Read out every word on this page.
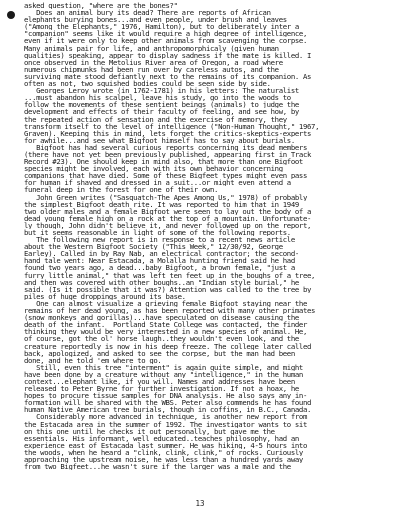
asked question, "where are the bones?"
Does an animal bury its dead? There are reports of African
elephants burying bones...and even people, under brush and leaves
("Among the Elephants," 1976, Hamilton), but to deliberately inter a
"companion" seems like it would require a high degree of intelligence,
even if it were only to keep other animals from scavenging the corpse.
Many animals pair for life, and anthropomorphicaly (given human
qualities) speaking, appear to display sadness if the mate is killed. I
once observed in the Metolius River area of Oregon, a road where
numerous chipmunks had been run over by careless autos, and the
surviving mate stood defiantly next to the remains of its companion. As
often as not, two squished bodies could be seen side by side.
Georges Leroy wrote (in 1762-1781) in his letters: The naturalist
...must abandon his scalpel, leave his study, go into the woods to
follow the movements of these sentient beings (animals) to judge the
development and effects of their faculty of feeling, and see how, by
the repeated action of sensation and the exercise of memory, they
transform itself to the level of intelligence ("Non-Human Thought," 1967,
Graven). Keeping this in mind, lets forget the critics-skeptics-experts
for awhile...and see what Bigfoot himself has to say about burials.
Bigfoot has had several curious reports concerning its dead members
(there have not yet been previously published, appearing first in Track
Record #23). One should keep in mind also, that more than one Bigfoot
species might be involved, each with its own behavior concerning
companions that have died. Some of these Bigfeet types might even pass
for human if shaved and dressed in a suit...or might even attend a
funeral deep in the forest for one of their own.
John Green writes ("Sasquatch-The Apes Among Us," 1978) of probably
the simplest Bigfoot death rite. It was reported to him that in 1949
two older males and a female Bigfoot were seen to lay out the body of a
dead young female high on a rock at the top of a mountain. Unfortunate-
ly though, John didn't believe it, and never followed up on the report,
but it seems reasonable in light of some of the following reports.
The following new report is in response to a recent news article
about the Western Bigfoot Society ("This Week," 12/30/92, George
Earley). Called in by Ray Nab, an electrical contractor; the second-
hand tale went: Near Estacada, a Molalla hunting friend said he had
found two years ago, a dead...baby Bigfoot, a brown female, "just a
furry little animal," that was left ten feet up in the boughs of a tree,
and then was covered with other boughs..an "Indian style burial," he
said. (Is it possible that it was?) Attention was called to the tree by
piles of huge droppings around its base.
One can almost visualize a grieving female Bigfoot staying near the
remains of her dead young, as has been reported with many other primates
(snow monkeys and gorillas)...have speculated on disease causing the
death of the infant.  Portland State College was contacted, the finder
thinking they would be very interested in a new species of animal. He,
of course, got the ol' horse laugh..they wouldn't even look, and the
creature reportedly is now in his deep freeze. The college later called
back, apologized, and asked to see the corpse, but the man had been
done, and he told 'em where to go.
Still, even this tree "interment" is again quite simple, and might
have been done by a creature without any "intelligence," in the human
context...elephant like, if you will. Names and addresses have been
released to Peter Byrne for further investigation. If not a hoax, he
hopes to procure tissue samples for DNA analysis. He also says any in-
formation will be shared with the WBS. Peter also commends he has found
human Native American tree burials, though in coffins, in B.C., Canada.
Considerably more advanced in technique, is another new report from
the Estacada area in the summer of 1992. The investigator wants to sit
on this one until he checks it out personally, but gave me the
essentials. His informant, well educated..teaches philosophy, had an
experience east of Estacada last summer. He was hiking, 4-5 hours into
the woods, when he heard a "clink, clink, clink," of rocks. Curiously
approaching the upstream noise, he was less than a hundred yards away
from two Bigfeet...he wasn't sure if the larger was a male and the
13
